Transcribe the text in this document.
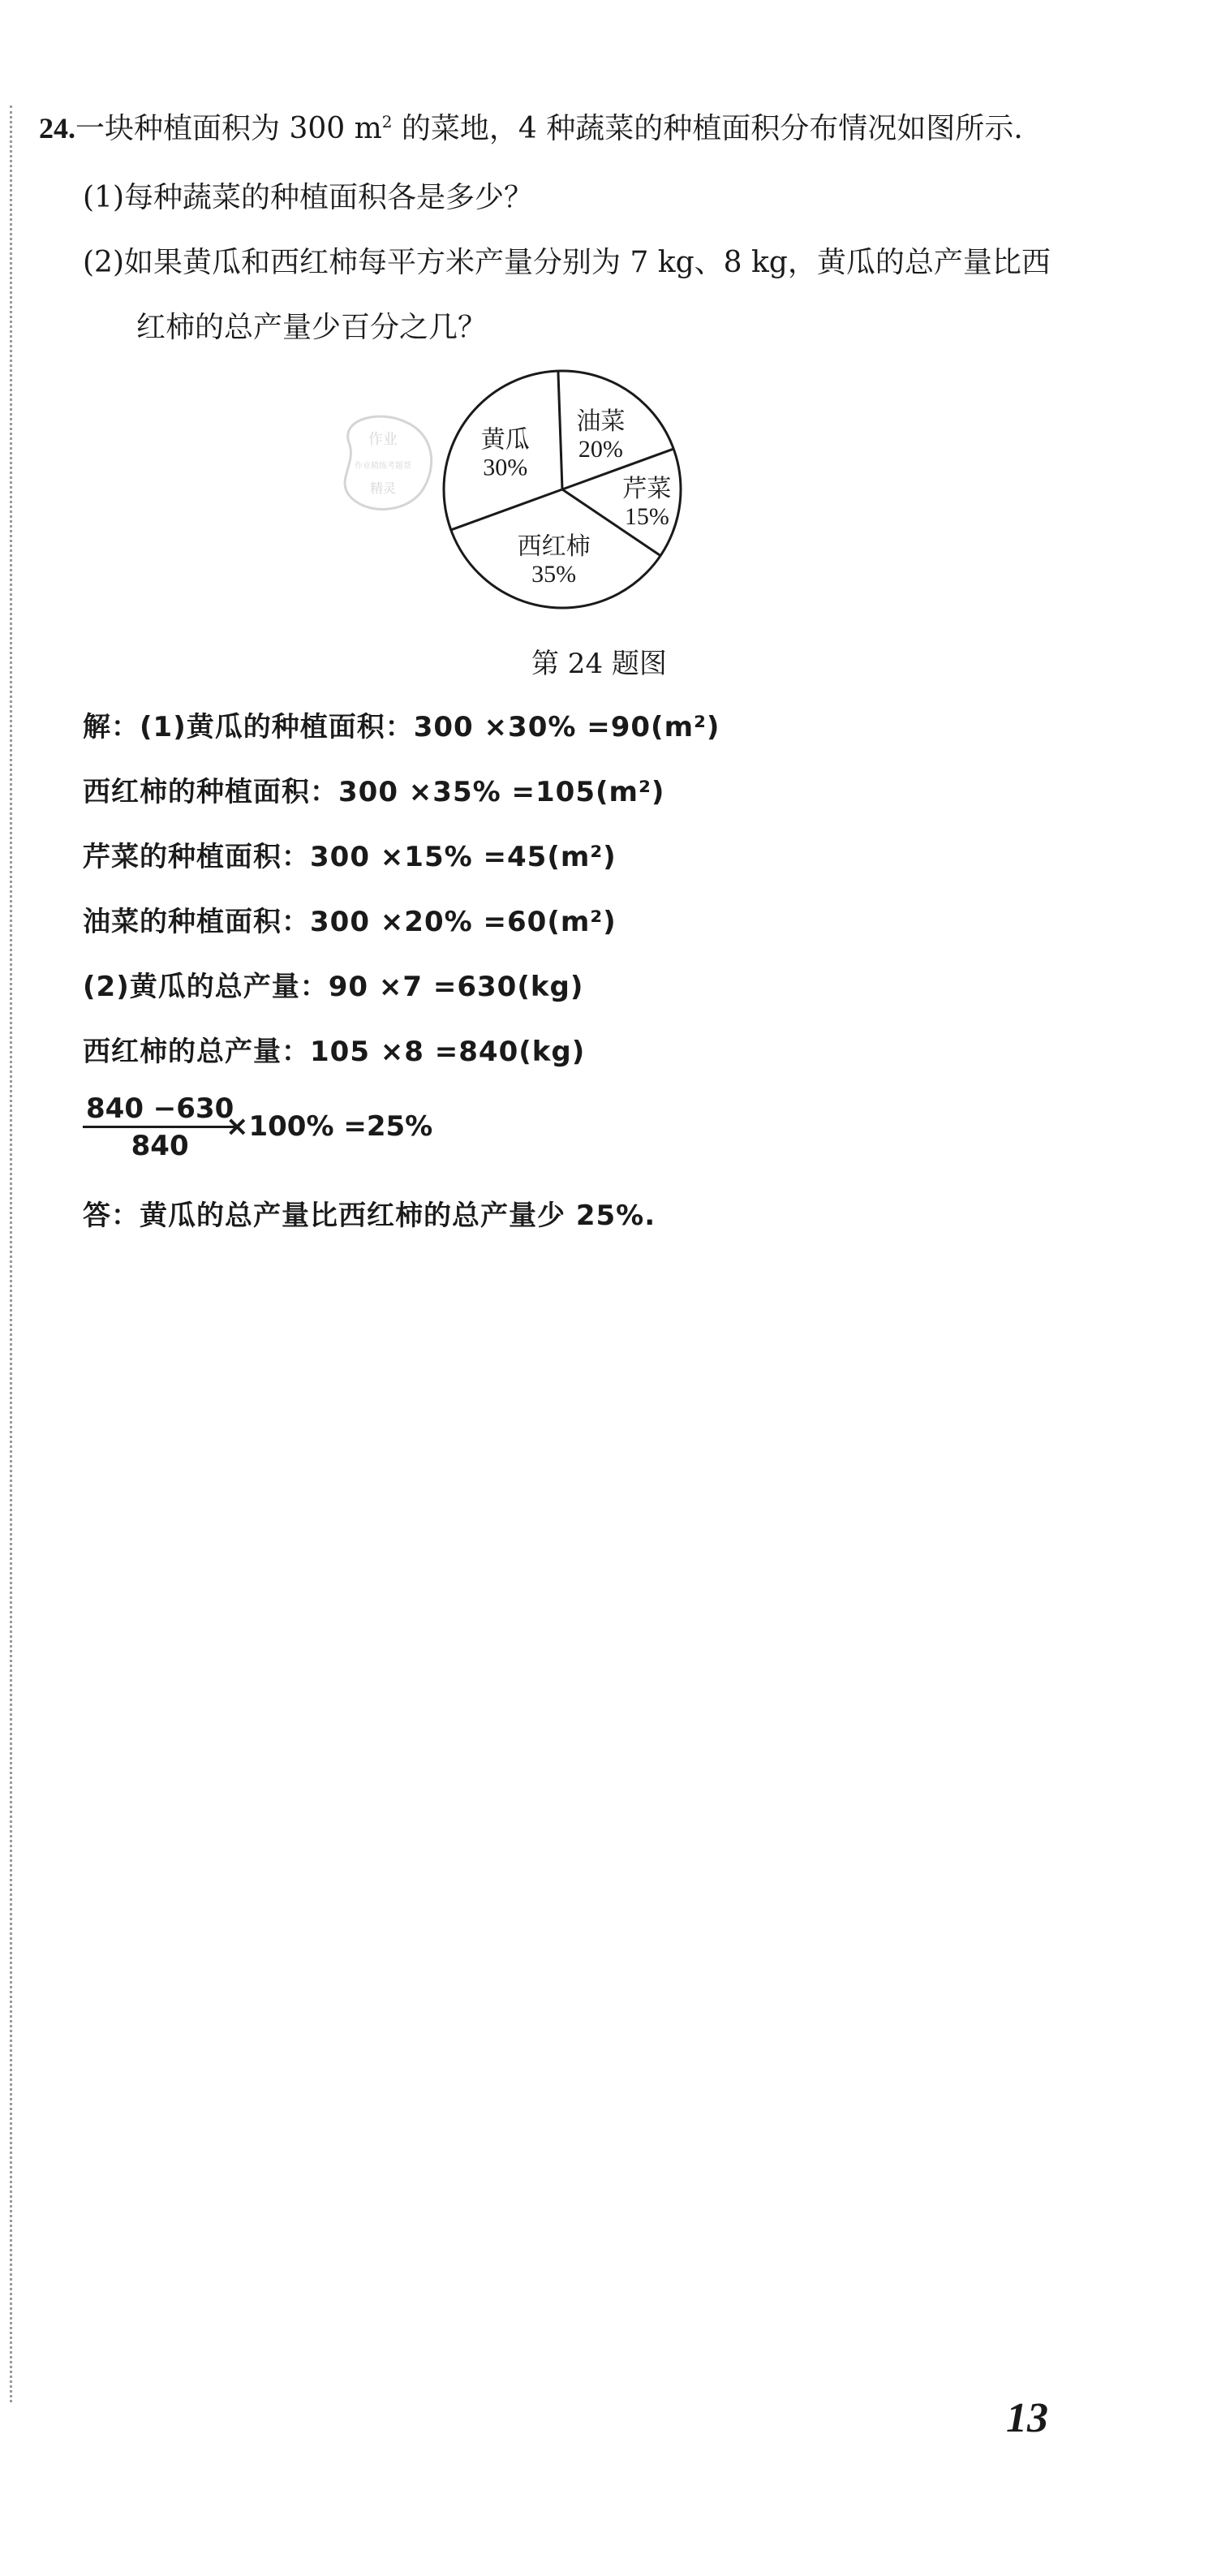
24.一块种植面积为 300 $m^2$ 的菜地，4 种蔬菜的种植面积分布情况如图所示.
(1)每种蔬菜的种植面积各是多少？
(2)如果黄瓜和西红柿每平方米产量分别为 7 kg、8 kg，黄瓜的总产量比西
红柿的总产量少百分之几？
作业
作业精练考题帮
精灵
油菜
20%
芹菜
15%
西红柿
35%
黄瓜
30%
第 24 题图
解：(1)黄瓜的种植面积：300 ×30% =90(m²)
西红柿的种植面积：300 ×35% =105(m²)
芹菜的种植面积：300 ×15% =45(m²)
油菜的种植面积：300 ×20% =60(m²)
(2)黄瓜的总产量：90 ×7 =630(kg)
西红柿的总产量：105 ×8 =840(kg)
$\frac{840 -630}{840}$
×100% =25%
答：黄瓜的总产量比西红柿的总产量少 25%.
13
